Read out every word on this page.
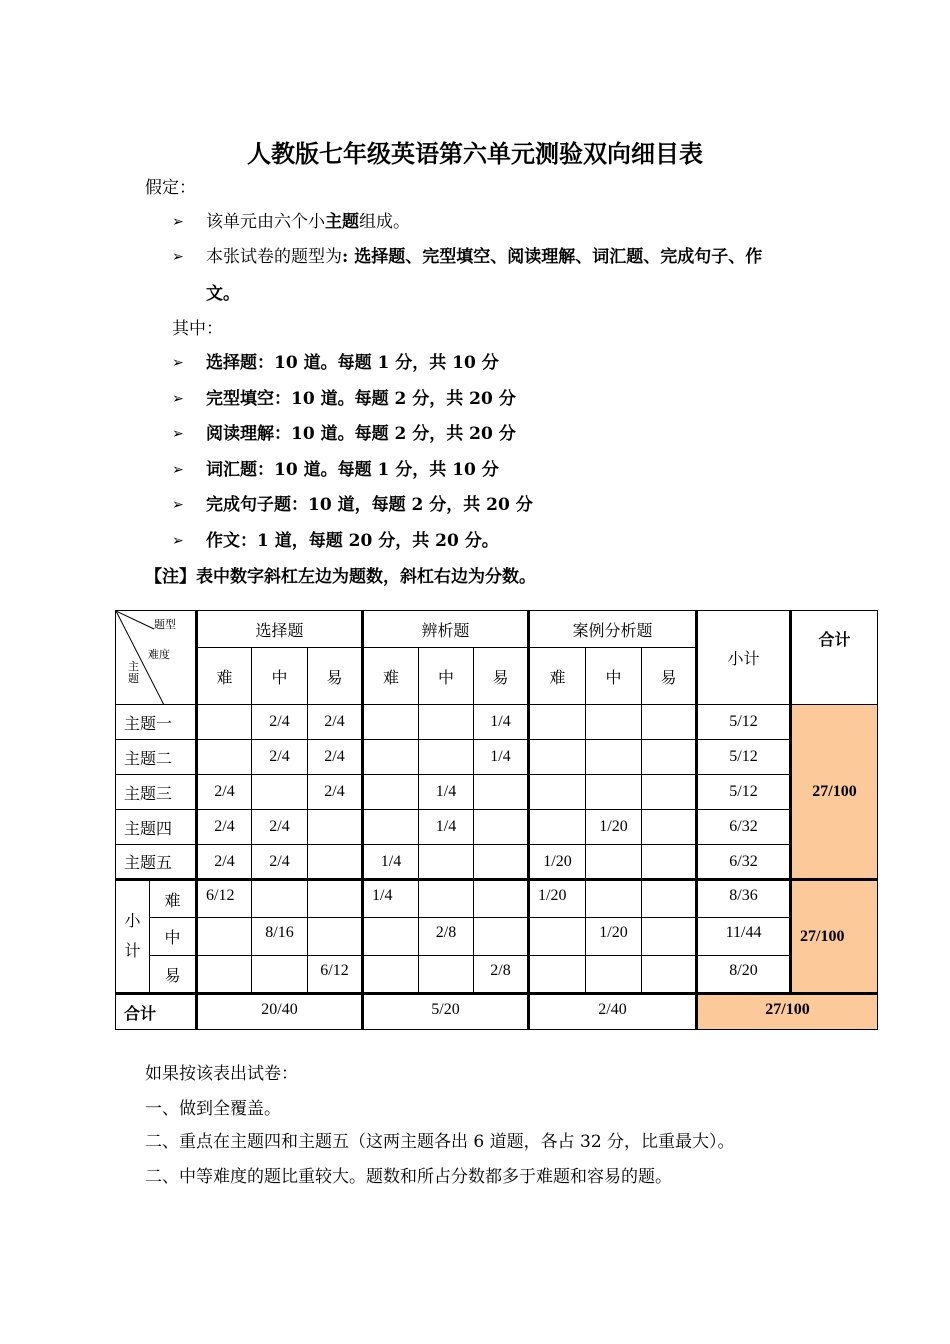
人教版七年级英语第六单元测验双向细目表
假定：
➢ 该单元由六个小主题组成。
➢ 本张试卷的题型为: 选择题、完型填空、阅读理解、词汇题、完成句子、作
文。
其中：
➢ 选择题：10 道。每题 1 分，共 10 分
➢ 完型填空：10 道。每题 2 分，共 20 分
➢ 阅读理解：10 道。每题 2 分，共 20 分
➢ 词汇题：10 道。每题 1 分，共 10 分
➢ 完成句子题：10 道，每题 2 分，共 20 分
➢ 作文：1 道，每题 20 分，共 20 分。
【注】表中数字斜杠左边为题数，斜杠右边为分数。
题型
难度
主
题		选择题			辨析题			案例分析题			小计	合计
		难	中	易	难	中	易	难	中	易		
主题一			2/4	2/4			1/4				5/12	27/100
主题二			2/4	2/4			1/4				5/12	
主题三		2/4		2/4		1/4					5/12	
主题四		2/4	2/4			1/4			1/20		6/32	
主题五		2/4	2/4		1/4			1/20			6/32	
小
计	难	6/12			1/4			1/20			8/36	27/100
	中		8/16			2/8			1/20		11/44	
	易			6/12			2/8				8/20	
合计		20/40			5/20			2/40			27/100	
如果按该表出试卷：
一、做到全覆盖。
二、重点在主题四和主题五（这两主题各出 6 道题，各占 32 分，比重最大）。
二、中等难度的题比重较大。题数和所占分数都多于难题和容易的题。
